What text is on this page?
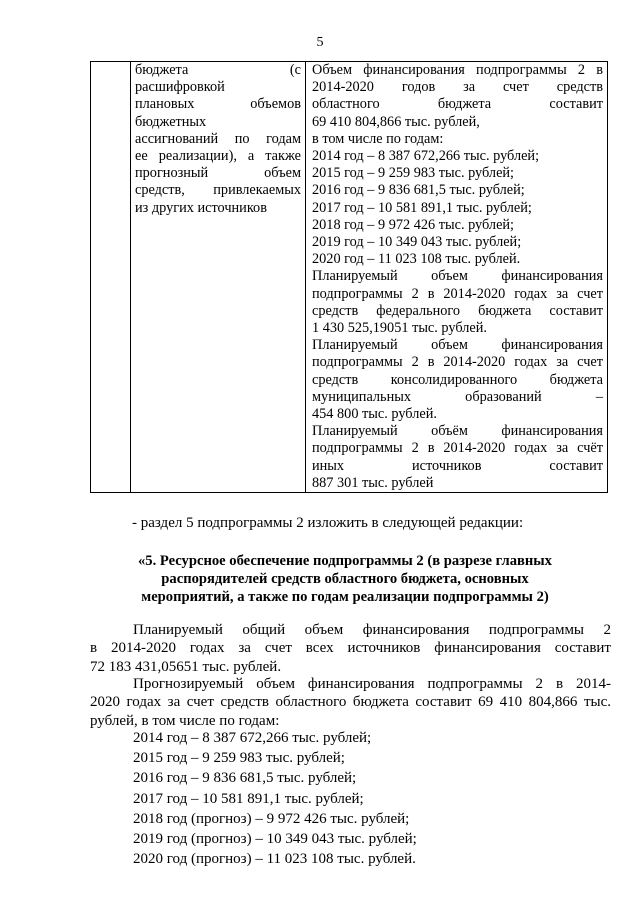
5

бюджета (с
расшифровкой
плановых объемов
бюджетных
ассигнований по годам
ее реализации), а также
прогнозный объем
средств, привлекаемых
из других источников

Объем финансирования подпрограммы 2 в
2014-2020 годов за счет средств
областного бюджета составит
69 410 804,866 тыс. рублей,
в том числе по годам:
2014 год – 8 387 672,266 тыс. рублей;
2015 год – 9 259 983 тыс. рублей;
2016 год – 9 836 681,5 тыс. рублей;
2017 год – 10 581 891,1 тыс. рублей;
2018 год – 9 972 426 тыс. рублей;
2019 год – 10 349 043 тыс. рублей;
2020 год – 11 023 108 тыс. рублей.
Планируемый объем финансирования
подпрограммы 2 в 2014-2020 годах за счет
средств федерального бюджета составит
1 430 525,19051 тыс. рублей.
Планируемый объем финансирования
подпрограммы 2 в 2014-2020 годах за счет
средств консолидированного бюджета
муниципальных образований –
454 800 тыс. рублей.
Планируемый объём финансирования
подпрограммы 2 в 2014-2020 годах за счёт
иных источников составит
887 301 тыс. рублей
- раздел 5 подпрограммы 2 изложить в следующей редакции:
«5. Ресурсное обеспечение подпрограммы 2 (в разрезе главных
распорядителей средств областного бюджета, основных
мероприятий, а также по годам реализации подпрограммы 2)
Планируемый общий объем финансирования подпрограммы 2
в 2014-2020 годах за счет всех источников финансирования составит
72 183 431,05651 тыс. рублей.
Прогнозируемый объем финансирования подпрограммы 2 в 2014-
2020 годах за счет средств областного бюджета составит 69 410 804,866 тыс.
рублей, в том числе по годам:
2014 год – 8 387 672,266 тыс. рублей;
2015 год – 9 259 983 тыс. рублей;
2016 год – 9 836 681,5 тыс. рублей;
2017 год – 10 581 891,1 тыс. рублей;
2018 год (прогноз) – 9 972 426 тыс. рублей;
2019 год (прогноз) – 10 349 043 тыс. рублей;
2020 год (прогноз) – 11 023 108 тыс. рублей.
